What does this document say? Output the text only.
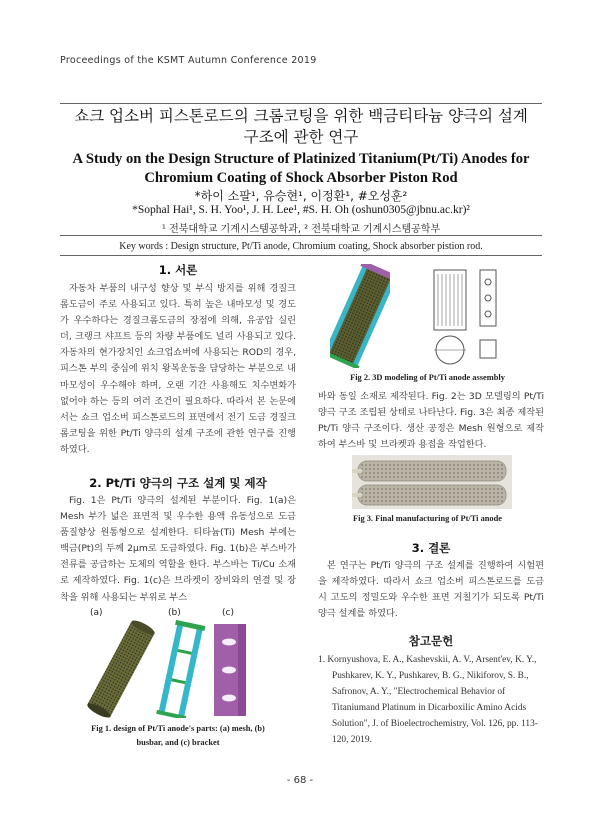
Proceedings of the KSMT Autumn Conference 2019
쇼크 업소버 피스톤로드의 크롬코팅을 위한 백금티타늄 양극의 설계
구조에 관한 연구
A Study on the Design Structure of Platinized Titanium(Pt/Ti) Anodes for
Chromium Coating of Shock Absorber Piston Rod
*하이 소팔¹, 유승현¹, 이정환¹, #오성훈²
*Sophal Hai¹, S. H. Yoo¹, J. H. Lee¹, #S. H. Oh (oshun0305@jbnu.ac.kr)²
¹ 전북대학교 기계시스템공학과, ² 전북대학교 기계시스템공학부
Key words : Design structure, Pt/Ti anode, Chromium coating, Shock absorber pistion rod.
1. 서론

자동차 부품의 내구성 향상 및 부식 방지를 위해 경질크롬도금이 주로 사용되고 있다. 특히 높은 내마모성 및 경도가 우수하다는 경질크롬도금의 장점에 의해, 유공압 실린더, 크랭크 샤프트 등의 차량 부품에도 널리 사용되고 있다. 자동차의 현가장치인 쇼크업쇼버에 사용되는 ROD의 경우, 피스톤 부의 중심에 위치 왕복운동을 담당하는 부분으로 내마모성이 우수해야 하며, 오랜 기간 사용해도 치수변화가 없어야 하는 등의 여러 조건이 필요하다. 따라서 본 논문에서는 쇼크 업소버 피스톤로드의 표면에서 전기 도금 경질크롬코팅을 위한 Pt/Ti 양극의 설계 구조에 관한 연구를 진행하였다.

2. Pt/Ti 양극의 구조 설계 및 제작

Fig. 1은 Pt/Ti 양극의 설계된 부분이다. Fig. 1(a)은 Mesh 부가 넓은 표면적 및 우수한 용액 유동성으로 도금 품질향상 원통형으로 설계한다. 티타늄(Ti) Mesh 부에는 백금(Pt)의 두께 2μm로 도금하였다. Fig. 1(b)은 부스바가 전류를 공급하는 도체의 역할을 한다. 부스바는 Ti/Cu 소재로 제작하였다. Fig. 1(c)은 브라켓이 장비와의 연결 및 장착을 위해 사용되는 부위로 부스

(a)	(b)	(c)
Fig 1. design of Pt/Ti anode's parts: (a) mesh, (b)
busbar, and (c) bracket
Fig 2. 3D modeling of Pt/Ti anode assembly

바와 동일 소재로 제작된다. Fig. 2는 3D 모델링의 Pt/Ti 양극 구조 조립된 상태로 나타난다. Fig. 3은 최종 제작된 Pt/Ti 양극 구조이다. 생산 공정은 Mesh 원형으로 제작하여 부스바 및 브라켓과 용접을 작업한다.

Fig 3. Final manufacturing of Pt/Ti anode
3. 결론

본 연구는 Pt/Ti 양극의 구조 설계를 진행하여 시험편을 제작하였다. 따라서 쇼크 업소버 피스톤로드를 도금 시 고도의 정밀도와 우수한 표면 거칠기가 되도록 Pt/Ti 양극 설계를 하였다.

참고문헌
1. Kornyushova, E. A., Kashevskii, A. V., Arsent'ev, K. Y., Pushkarev, K. Y., Pushkarev, B. G., Nikiforov, S. B., Safronov, A. Y., "Electrochemical Behavior of Titaniumand Platinum in Dicarboxilic Amino Acids Solution", J. of Bioelectrochemistry, Vol. 126, pp. 113-120, 2019.
- 68 -
